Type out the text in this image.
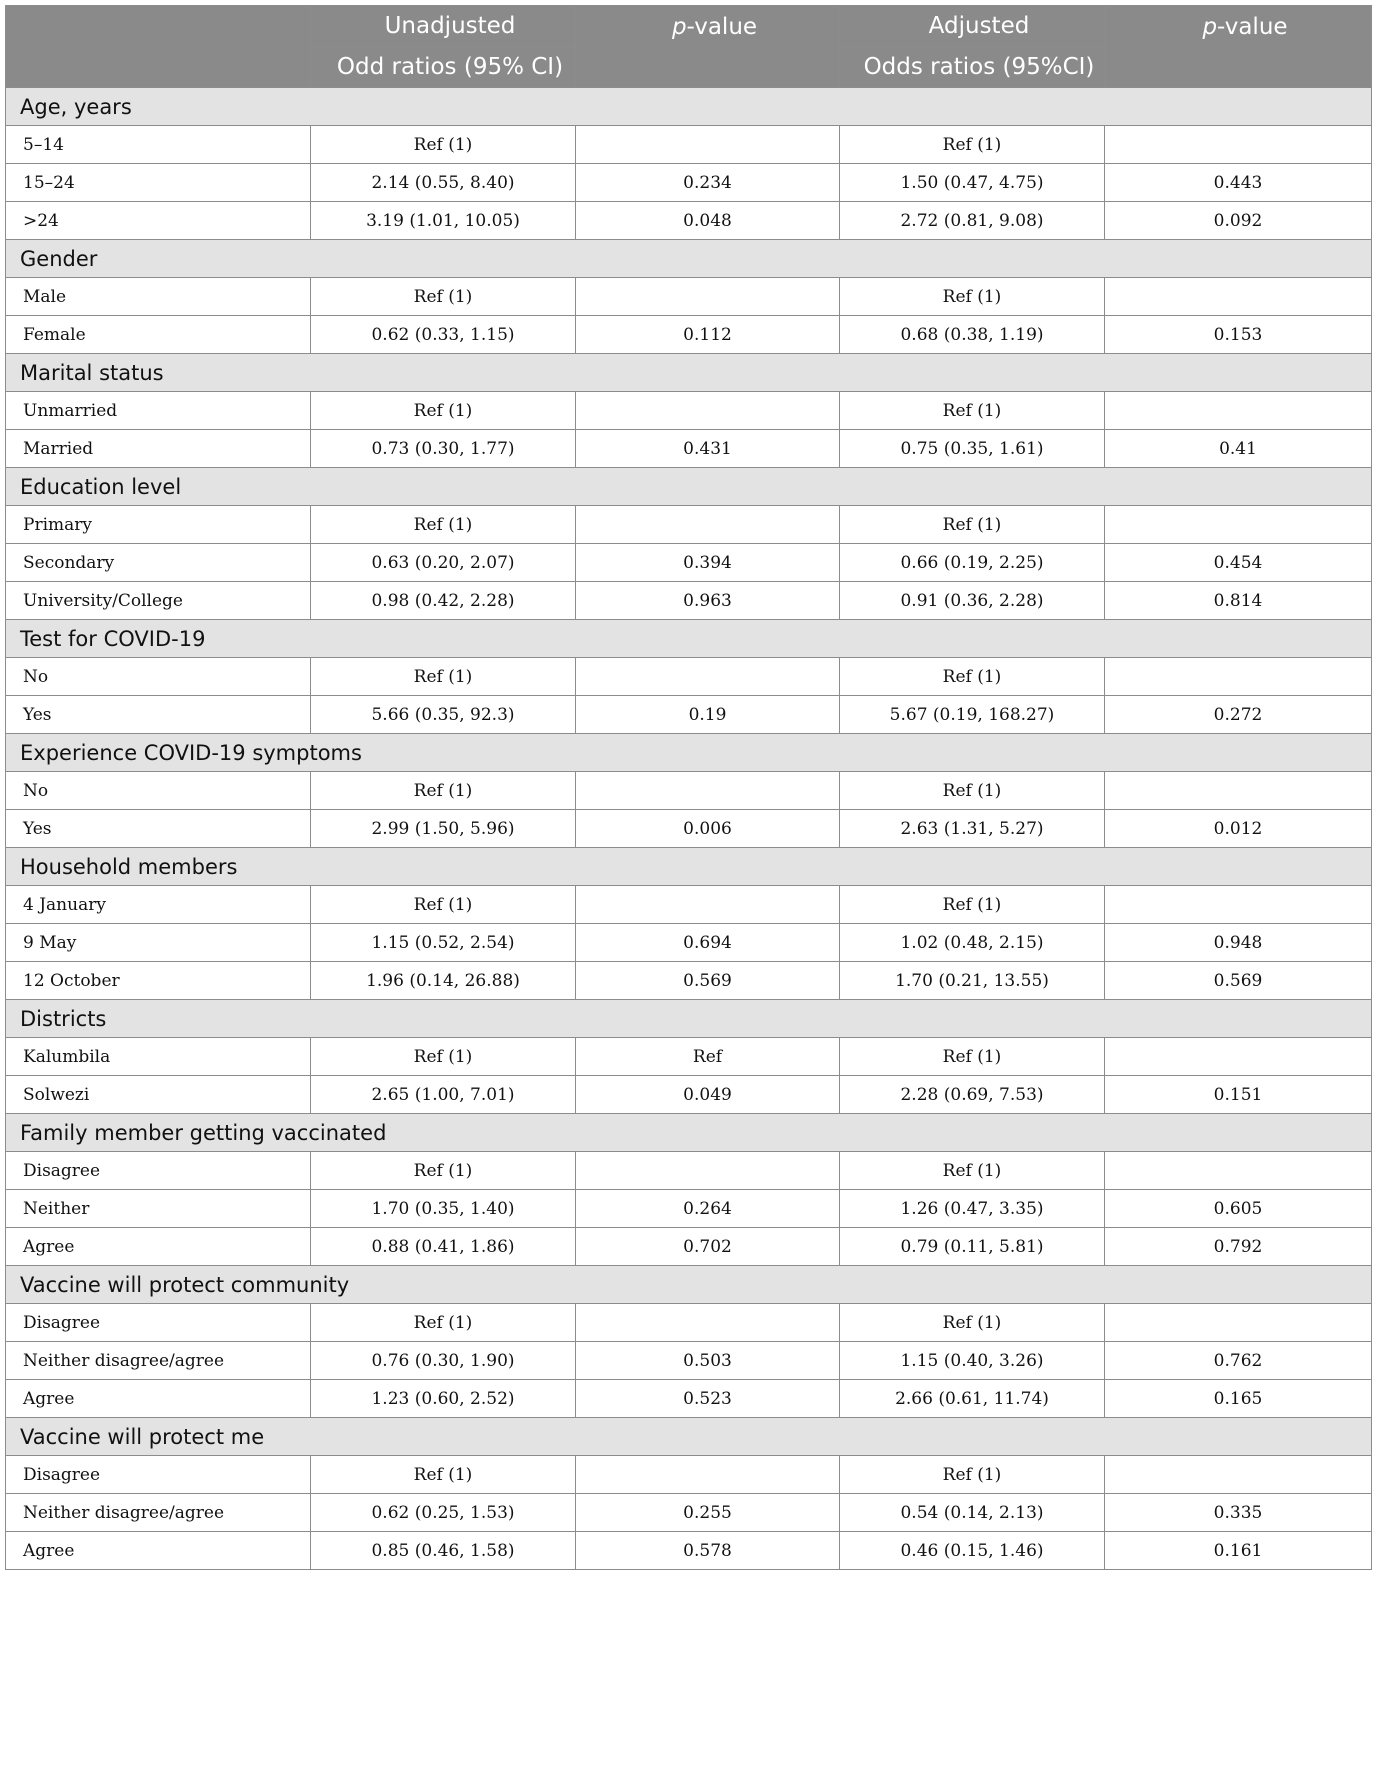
	Unadjusted	p-value	Adjusted	p-value
	Odd ratios (95% CI)		Odds ratios (95%CI)	
Age, years				
5–14	Ref (1)		Ref (1)	
15–24	2.14 (0.55, 8.40)	0.234	1.50 (0.47, 4.75)	0.443
>24	3.19 (1.01, 10.05)	0.048	2.72 (0.81, 9.08)	0.092
Gender				
Male	Ref (1)		Ref (1)	
Female	0.62 (0.33, 1.15)	0.112	0.68 (0.38, 1.19)	0.153
Marital status				
Unmarried	Ref (1)		Ref (1)	
Married	0.73 (0.30, 1.77)	0.431	0.75 (0.35, 1.61)	0.41
Education level				
Primary	Ref (1)		Ref (1)	
Secondary	0.63 (0.20, 2.07)	0.394	0.66 (0.19, 2.25)	0.454
University/College	0.98 (0.42, 2.28)	0.963	0.91 (0.36, 2.28)	0.814
Test for COVID-19				
No	Ref (1)		Ref (1)	
Yes	5.66 (0.35, 92.3)	0.19	5.67 (0.19, 168.27)	0.272
Experience COVID-19 symptoms				
No	Ref (1)		Ref (1)	
Yes	2.99 (1.50, 5.96)	0.006	2.63 (1.31, 5.27)	0.012
Household members				
4 January	Ref (1)		Ref (1)	
9 May	1.15 (0.52, 2.54)	0.694	1.02 (0.48, 2.15)	0.948
12 October	1.96 (0.14, 26.88)	0.569	1.70 (0.21, 13.55)	0.569
Districts				
Kalumbila	Ref (1)	Ref	Ref (1)	
Solwezi	2.65 (1.00, 7.01)	0.049	2.28 (0.69, 7.53)	0.151
Family member getting vaccinated				
Disagree	Ref (1)		Ref (1)	
Neither	1.70 (0.35, 1.40)	0.264	1.26 (0.47, 3.35)	0.605
Agree	0.88 (0.41, 1.86)	0.702	0.79 (0.11, 5.81)	0.792
Vaccine will protect community				
Disagree	Ref (1)		Ref (1)	
Neither disagree/agree	0.76 (0.30, 1.90)	0.503	1.15 (0.40, 3.26)	0.762
Agree	1.23 (0.60, 2.52)	0.523	2.66 (0.61, 11.74)	0.165
Vaccine will protect me				
Disagree	Ref (1)		Ref (1)	
Neither disagree/agree	0.62 (0.25, 1.53)	0.255	0.54 (0.14, 2.13)	0.335
Agree	0.85 (0.46, 1.58)	0.578	0.46 (0.15, 1.46)	0.161
